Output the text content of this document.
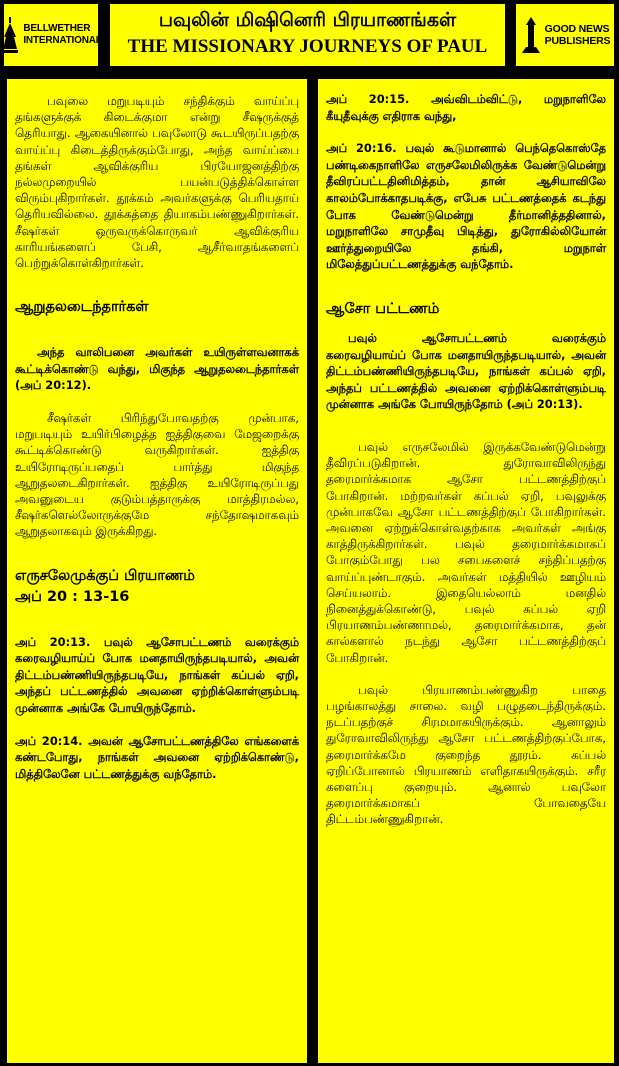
BELLWETHER
INTERNATIONAL
பவுலின் மிஷினெரி பிரயாணங்கள்
THE MISSIONARY JOURNEYS OF PAUL
GOOD NEWS
PUBLISHERS

பவுலை மறுபடியும் சந்திக்கும் வாய்ப்பு தங்களுக்குக் கிடைக்குமா என்று சீஷருக்குத் தெரியாது. ஆகையினால் பவுலோடு கூடயிருப்பதற்கு வாய்ப்பு கிடைத்திருக்கும்போது, அந்த வாய்ப்பை தங்கள் ஆவிக்குரிய பிரயோஜனத்திற்கு நல்லமுறையில் பயன்படுத்திக்கொள்ள விரும்புகிறார்கள். தூக்கம் அவர்களுக்கு பெரியதாய் தெரியவில்லை. தூக்கத்தை தியாகம்பண்ணுகிறார்கள். சீஷர்கள் ஒருவருக்கொருவர் ஆவிக்குரிய காரியங்களைப் பேசி, ஆசீர்வாதங்களைப் பெற்றுக்கொள்கிறார்கள்.

ஆறுதலடைந்தார்கள்

அந்த வாலிபனை அவர்கள் உயிருள்ளவனாகக் கூட்டிக்கொண்டு வந்து, மிகுந்த ஆறுதலடைந்தார்கள் (அப் 20:12).

சீஷர்கள் பிரிந்துபோவதற்கு முன்பாக, மறுபடியும் உயிர்பிழைத்த ஐத்திகுவை மேஜறைக்கு கூட்டிக்கொண்டு வருகிறார்கள். ஐத்திகு உயிரோடிருப்பதைப் பார்த்து மிகுந்த ஆறுதலடைகிறார்கள். ஐத்திகு உயிரோடிருப்பது அவனுடைய குடும்பத்தாருக்கு மாத்திரமல்ல, சீஷர்களெல்லோருக்குமே சந்தோஷமாகவும் ஆறுதலாகவும் இருக்கிறது.

எருசலேமுக்குப் பிரயாணம்

அப் 20 : 13-16

அப் 20:13. பவுல் ஆசோபட்டணம் வரைக்கும் கரைவழியாய்ப் போக மனதாயிருந்தபடியால், அவன் திட்டம்பண்ணியிருந்தபடியே, நாங்கள் கப்பல் ஏறி, அந்தப் பட்டணத்தில் அவனை ஏற்றிக்கொள்ளும்படி முன்னாக அங்கே போயிருந்தோம்.

அப் 20:14. அவன் ஆசோபட்டணத்திலே எங்களைக் கண்டபோது, நாங்கள் அவனை ஏற்றிக்கொண்டு, மித்திலேனே பட்டணத்துக்கு வந்தோம்.

அப் 20:15. அவ்விடம்விட்டு, மறுநாளிலே கீயுதீவுக்கு எதிராக வந்து,

அப் 20:16. பவுல் கூடுமானால் பெந்தெகொஸ்தே பண்டிகைநாளிலே எருசலேமிலிருக்க வேண்டுமென்று தீவிரப்பட்டதினிமித்தம், தான் ஆசியாவிலே காலம்போக்காதபடிக்கு, எபேசு பட்டணத்தைக் கடந்து போக வேண்டுமென்று தீர்மானித்ததினால், மறுநாளிலே சாமுதீவு பிடித்து, துரோகில்லியோன் ஊர்த்துறையிலே தங்கி, மறுநாள் மிலேத்துப்பட்டணத்துக்கு வந்தோம்.

ஆசோ பட்டணம்

பவுல் ஆசோபட்டணம் வரைக்கும் கரைவழியாய்ப் போக மனதாயிருந்தபடியால், அவன் திட்டம்பண்ணியிருந்தபடியே, நாங்கள் கப்பல் ஏறி, அந்தப் பட்டணத்தில் அவனை ஏற்றிக்கொள்ளும்படி முன்னாக அங்கே போயிருந்தோம் (அப் 20:13).

பவுல் எருசலேமில் இருக்கவேண்டுமென்று தீவிரப்படுகிறான். துரோவாவிலிருந்து தரைமார்க்கமாக ஆசோ பட்டணத்திற்குப் போகிறான். மற்றவர்கள் கப்பல் ஏறி, பவுலுக்கு முன்பாகவே ஆசோ பட்டணத்திற்குப் போகிறார்கள். அவனை ஏற்றுக்கொள்வதற்காக அவர்கள் அங்கு காத்திருக்கிறார்கள். பவுல் தரைமார்க்கமாகப் போகும்போது பல சபைகளைச் சந்திப்பதற்கு வாய்ப்புண்டாகும். அவர்கள் மத்தியில் ஊழியம் செய்யலாம். இதையெல்லாம் மனதில் நினைத்துக்கொண்டு, பவுல் கப்பல் ஏறி பிரயாணம்பண்ணாமல், தரைமார்க்கமாக, தன் கால்களால் நடந்து ஆசோ பட்டணத்திற்குப் போகிறான்.

பவுல் பிரயாணம்பண்ணுகிற பாதை பழங்காலத்து சாலை. வழி பழுதடைந்திருக்கும். நடப்பதற்குச் சிரமமாகயிருக்கும். ஆனாலும் துரோவாவிலிருந்து ஆசோ பட்டணத்திற்குப்போக, தரைமார்க்கமே குறைந்த தூரம். கப்பல் ஏறிப்போனால் பிரயாணம் எளிதாகயிருக்கும். சரீர களைப்பு குறையும். ஆனால் பவுலோ தரைமார்க்கமாகப் போவதையே திட்டம்பண்ணுகிறான்.
